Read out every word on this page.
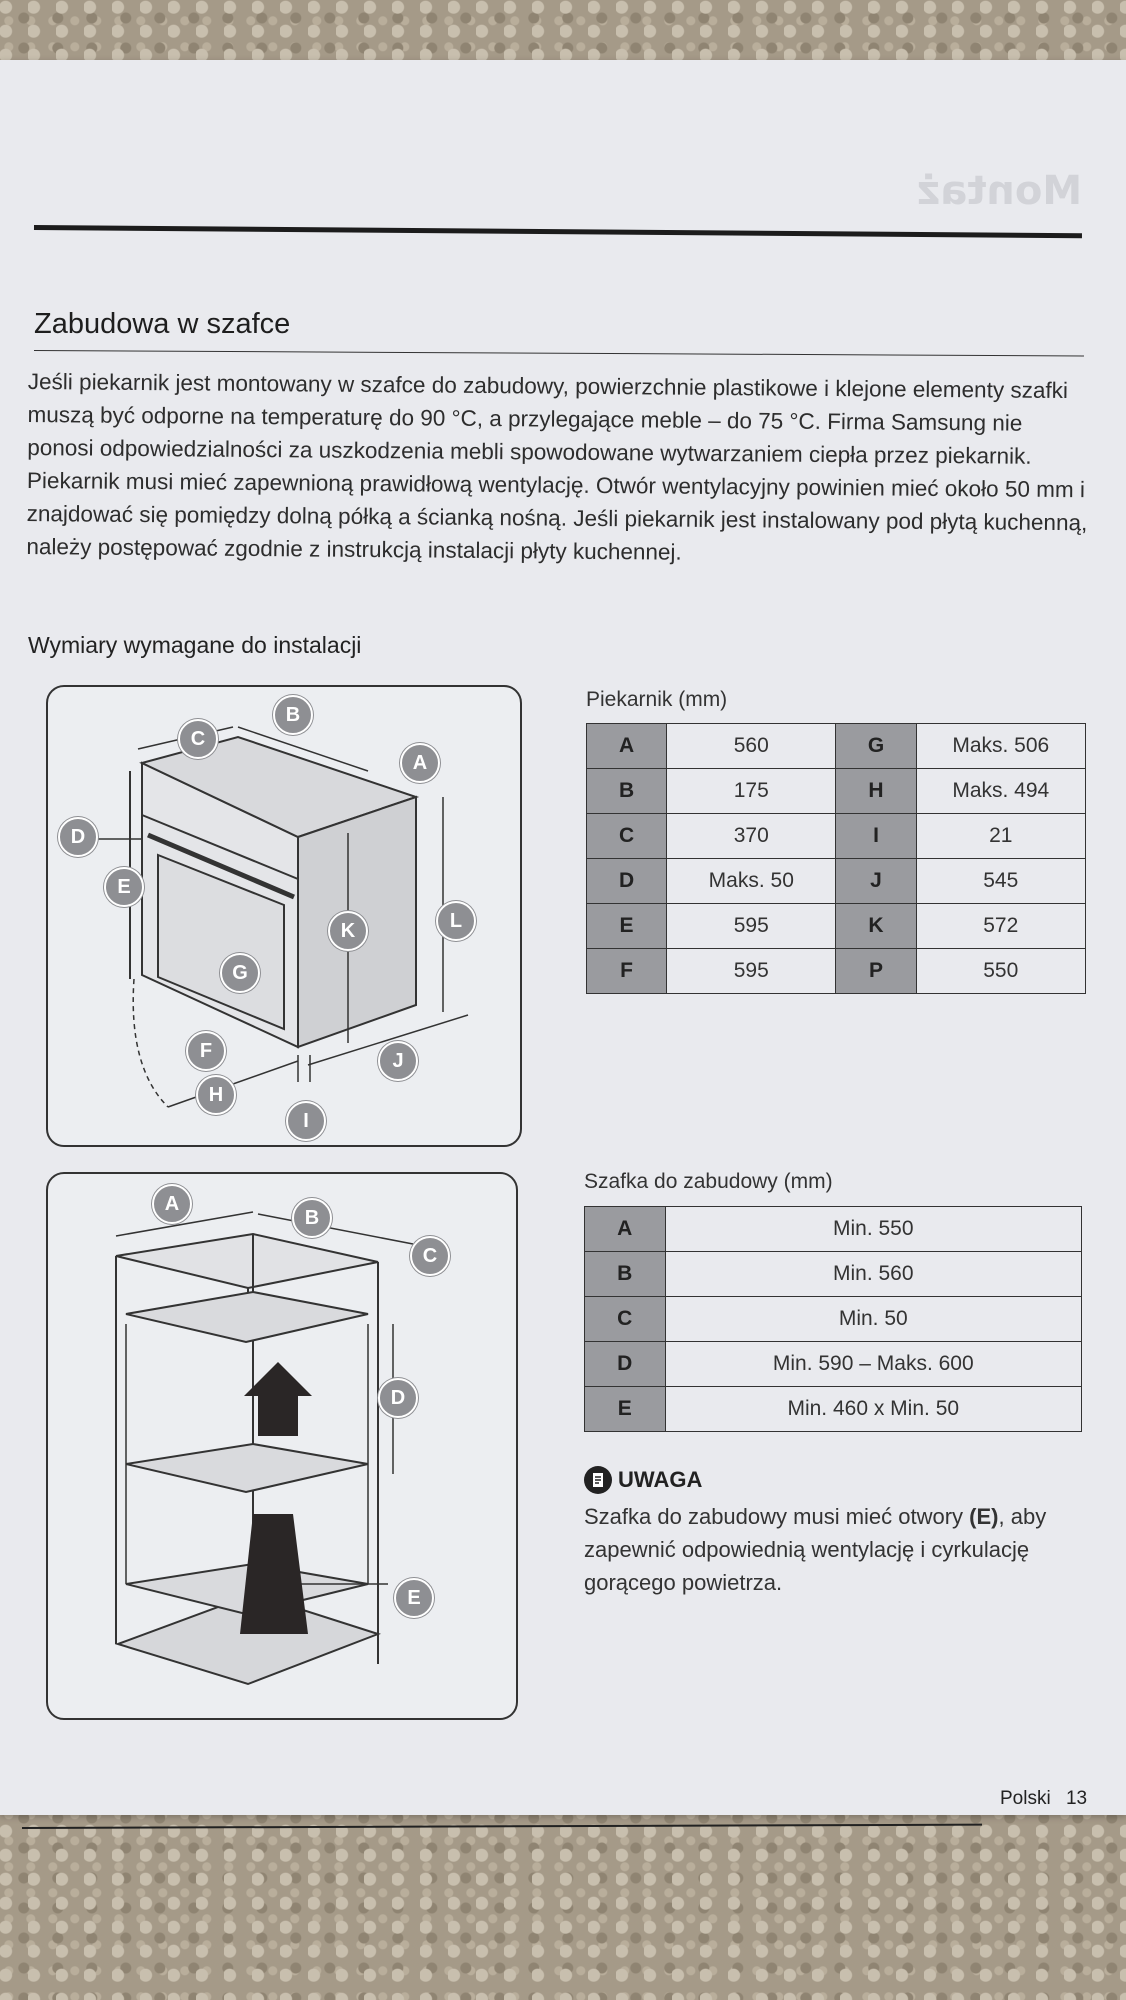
Montaż
Zabudowa w szafce

Jeśli piekarnik jest montowany w szafce do zabudowy, powierzchnie plastikowe i klejone elementy szafki muszą być odporne na temperaturę do 90 °C, a przylegające meble – do 75 °C. Firma Samsung nie ponosi odpowiedzialności za uszkodzenia mebli spowodowane wytwarzaniem ciepła przez piekarnik.

Piekarnik musi mieć zapewnioną prawidłową wentylację. Otwór wentylacyjny powinien mieć około 50 mm i znajdować się pomiędzy dolną półką a ścianką nośną. Jeśli piekarnik jest instalowany pod płytą kuchenną, należy postępować zgodnie z instrukcją instalacji płyty kuchennej.

Wymiary wymagane do instalacji
B
C
A
D
E
K	L
G
F	J
H
I
Piekarnik (mm)
A	560	G	Maks. 506
B	175	H	Maks. 494
C	370	I	21
D	Maks. 50	J	545
E	595	K	572
F	595	P	550
A
B
C
D
E
Szafka do zabudowy (mm)
A	Min. 550
B	Min. 560
C	Min. 50
D	Min. 590 – Maks. 600
E	Min. 460 x Min. 50
UWAGA
Szafka do zabudowy musi mieć otwory (E), aby zapewnić odpowiednią wentylację i cyrkulację gorącego powietrza.
Polski 13
